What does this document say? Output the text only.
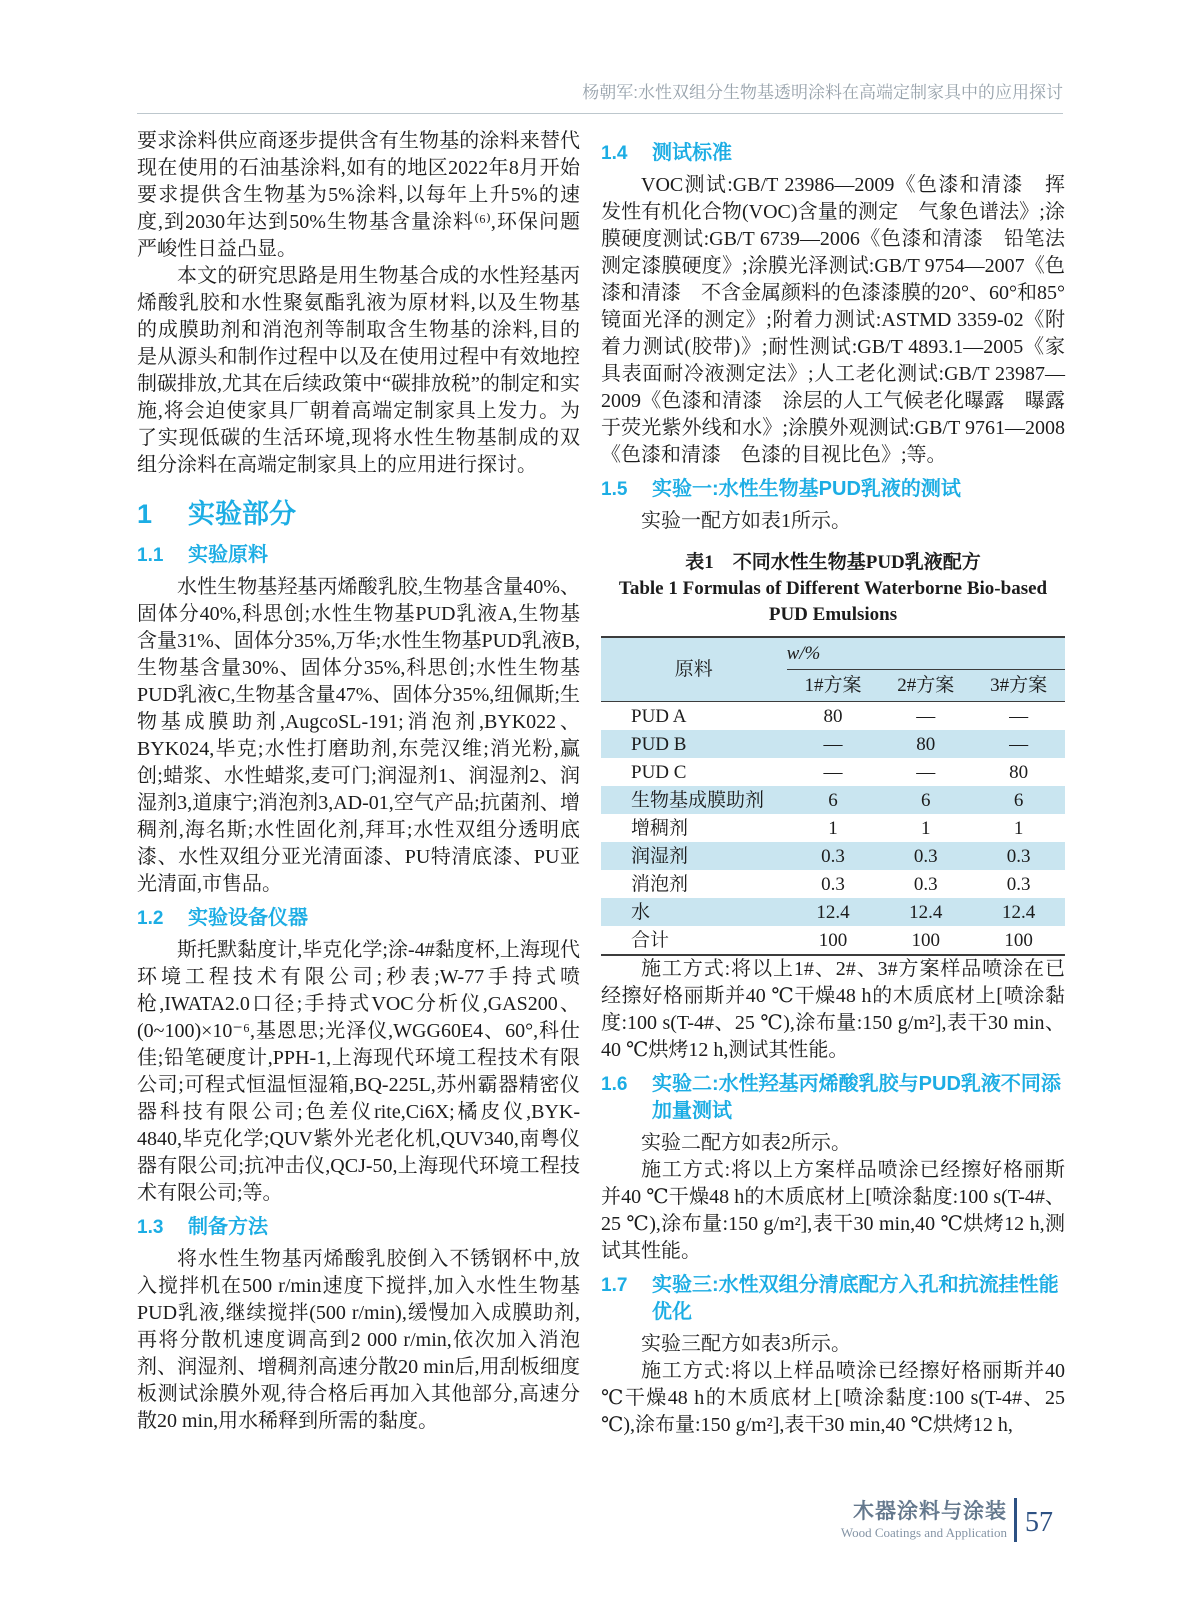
杨朝军:水性双组分生物基透明涂料在高端定制家具中的应用探讨

要求涂料供应商逐步提供含有生物基的涂料来替代现在使用的石油基涂料,如有的地区2022年8月开始要求提供含生物基为5%涂料,以每年上升5%的速度,到2030年达到50%生物基含量涂料⁽⁶⁾,环保问题严峻性日益凸显。

本文的研究思路是用生物基合成的水性羟基丙烯酸乳胶和水性聚氨酯乳液为原材料,以及生物基的成膜助剂和消泡剂等制取含生物基的涂料,目的是从源头和制作过程中以及在使用过程中有效地控制碳排放,尤其在后续政策中“碳排放税”的制定和实施,将会迫使家具厂朝着高端定制家具上发力。为了实现低碳的生活环境,现将水性生物基制成的双组分涂料在高端定制家具上的应用进行探讨。

1	实验部分
1.1	实验原料

水性生物基羟基丙烯酸乳胶,生物基含量40%、固体分40%,科思创;水性生物基PUD乳液A,生物基含量31%、固体分35%,万华;水性生物基PUD乳液B,生物基含量30%、固体分35%,科思创;水性生物基PUD乳液C,生物基含量47%、固体分35%,纽佩斯;生物基成膜助剂,AugcoSL-191;消泡剂,BYK022、BYK024,毕克;水性打磨助剂,东莞汉维;消光粉,赢创;蜡浆、水性蜡浆,麦可门;润湿剂1、润湿剂2、润湿剂3,道康宁;消泡剂3,AD-01,空气产品;抗菌剂、增稠剂,海名斯;水性固化剂,拜耳;水性双组分透明底漆、水性双组分亚光清面漆、PU特清底漆、PU亚光清面,市售品。

1.2	实验设备仪器

斯托默黏度计,毕克化学;涂-4#黏度杯,上海现代环境工程技术有限公司;秒表;W-77手持式喷枪,IWATA2.0口径;手持式VOC分析仪,GAS200、(0~100)×10⁻⁶,基恩思;光泽仪,WGG60E4、60°,科仕佳;铅笔硬度计,PPH-1,上海现代环境工程技术有限公司;可程式恒温恒湿箱,BQ-225L,苏州霸器精密仪器科技有限公司;色差仪rite,Ci6X;橘皮仪,BYK-4840,毕克化学;QUV紫外光老化机,QUV340,南粤仪器有限公司;抗冲击仪,QCJ-50,上海现代环境工程技术有限公司;等。

1.3	制备方法

将水性生物基丙烯酸乳胶倒入不锈钢杯中,放入搅拌机在500 r/min速度下搅拌,加入水性生物基PUD乳液,继续搅拌(500 r/min),缓慢加入成膜助剂,再将分散机速度调高到2 000 r/min,依次加入消泡剂、润湿剂、增稠剂高速分散20 min后,用刮板细度板测试涂膜外观,待合格后再加入其他部分,高速分散20 min,用水稀释到所需的黏度。

1.4	测试标准

VOC测试:GB/T 23986—2009《色漆和清漆　挥发性有机化合物(VOC)含量的测定　气象色谱法》;涂膜硬度测试:GB/T 6739—2006《色漆和清漆　铅笔法测定漆膜硬度》;涂膜光泽测试:GB/T 9754—2007《色漆和清漆　不含金属颜料的色漆漆膜的20°、60°和85°镜面光泽的测定》;附着力测试:ASTMD 3359-02《附着力测试(胶带)》;耐性测试:GB/T 4893.1—2005《家具表面耐冷液测定法》;人工老化测试:GB/T 23987—2009《色漆和清漆　涂层的人工气候老化曝露　曝露于荧光紫外线和水》;涂膜外观测试:GB/T 9761—2008《色漆和清漆　色漆的目视比色》;等。

1.5	实验一:水性生物基PUD乳液的测试

实验一配方如表1所示。

表1　不同水性生物基PUD乳液配方
Table 1 Formulas of Different Waterborne Bio-based
PUD Emulsions
原料	w/%		
	1#方案	2#方案	3#方案
PUD A	80	—	—
PUD B	—	80	—
PUD C	—	—	80
生物基成膜助剂	6	6	6
增稠剂	1	1	1
润湿剂	0.3	0.3	0.3
消泡剂	0.3	0.3	0.3
水	12.4	12.4	12.4
合计	100	100	100

施工方式:将以上1#、2#、3#方案样品喷涂在已经擦好格丽斯并40 ℃干燥48 h的木质底材上[喷涂黏度:100 s(T-4#、25 ℃),涂布量:150 g/m²],表干30 min、40 ℃烘烤12 h,测试其性能。

1.6	实验二:水性羟基丙烯酸乳胶与PUD乳液不同添加量测试

实验二配方如表2所示。

施工方式:将以上方案样品喷涂已经擦好格丽斯并40 ℃干燥48 h的木质底材上[喷涂黏度:100 s(T-4#、25 ℃),涂布量:150 g/m²],表干30 min,40 ℃烘烤12 h,测试其性能。

1.7	实验三:水性双组分清底配方入孔和抗流挂性能优化

实验三配方如表3所示。

施工方式:将以上样品喷涂已经擦好格丽斯并40 ℃干燥48 h的木质底材上[喷涂黏度:100 s(T-4#、25 ℃),涂布量:150 g/m²],表干30 min,40 ℃烘烤12 h,

木器涂料与涂装
Wood Coatings and Application 57
